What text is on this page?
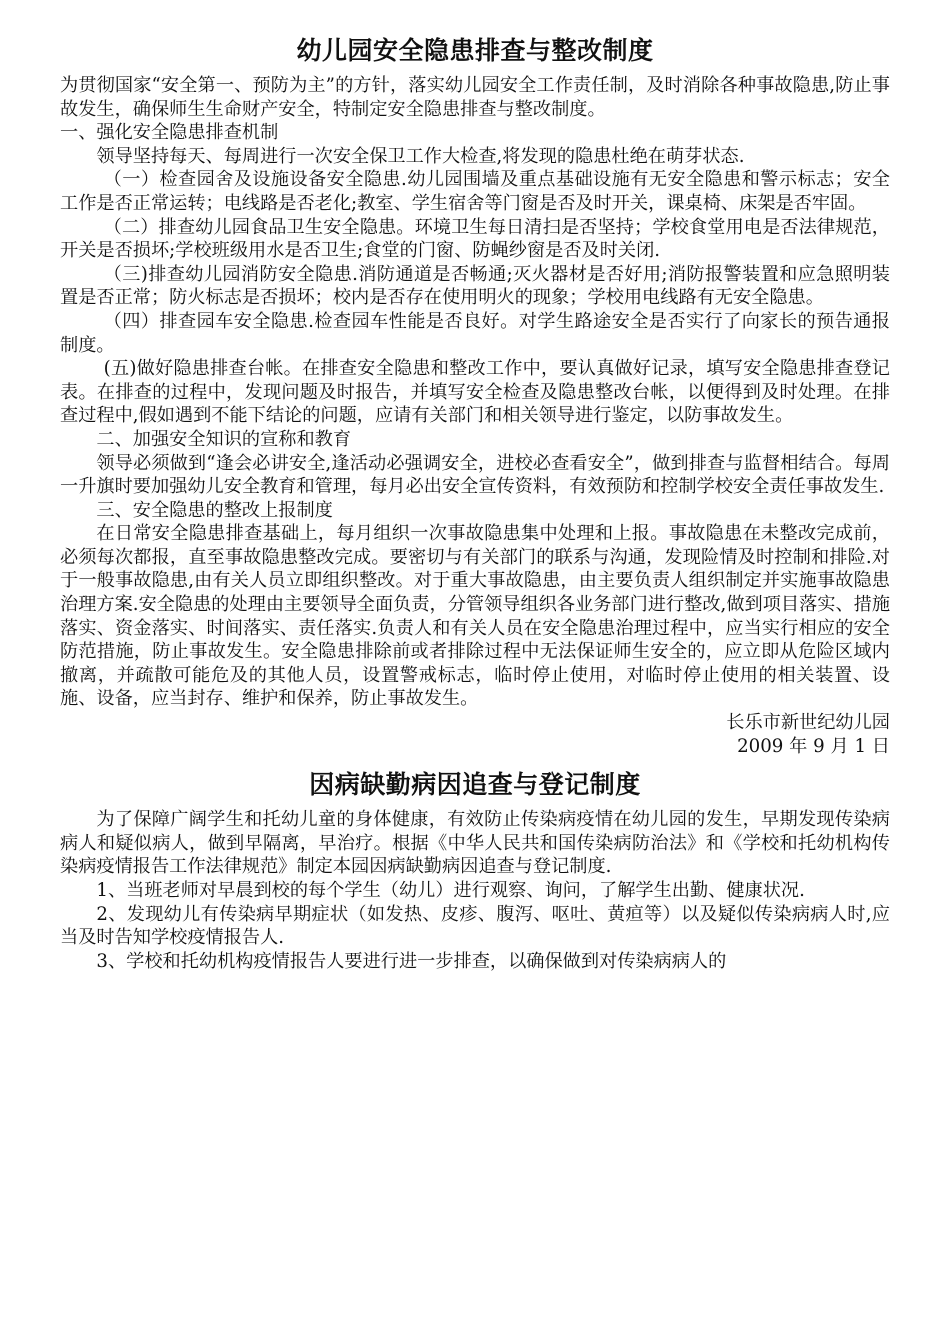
幼儿园安全隐患排查与整改制度

为贯彻国家“安全第一、预防为主”的方针，落实幼儿园安全工作责任制，及时消除各种事故隐患,防止事故发生，确保师生生命财产安全，特制定安全隐患排查与整改制度。

一、强化安全隐患排查机制

领导坚持每天、每周进行一次安全保卫工作大检查,将发现的隐患杜绝在萌芽状态.

（一）检查园舍及设施设备安全隐患.幼儿园围墙及重点基础设施有无安全隐患和警示标志；安全工作是否正常运转；电线路是否老化;教室、学生宿舍等门窗是否及时开关，课桌椅、床架是否牢固。

（二）排查幼儿园食品卫生安全隐患。环境卫生每日清扫是否坚持；学校食堂用电是否法律规范，开关是否损坏;学校班级用水是否卫生;食堂的门窗、防蝇纱窗是否及时关闭.

（三)排查幼儿园消防安全隐患.消防通道是否畅通;灭火器材是否好用;消防报警装置和应急照明装置是否正常；防火标志是否损坏；校内是否存在使用明火的现象；学校用电线路有无安全隐患。

（四）排查园车安全隐患.检查园车性能是否良好。对学生路途安全是否实行了向家长的预告通报制度。

(五)做好隐患排查台帐。在排查安全隐患和整改工作中，要认真做好记录，填写安全隐患排查登记表。在排查的过程中，发现问题及时报告，并填写安全检查及隐患整改台帐，以便得到及时处理。在排查过程中,假如遇到不能下结论的问题，应请有关部门和相关领导进行鉴定，以防事故发生。

二、加强安全知识的宣称和教育

领导必须做到“逢会必讲安全,逢活动必强调安全，进校必查看安全”，做到排查与监督相结合。每周一升旗时要加强幼儿安全教育和管理，每月必出安全宣传资料，有效预防和控制学校安全责任事故发生.

三、安全隐患的整改上报制度

在日常安全隐患排查基础上，每月组织一次事故隐患集中处理和上报。事故隐患在未整改完成前，必须每次都报，直至事故隐患整改完成。要密切与有关部门的联系与沟通，发现险情及时控制和排险.对于一般事故隐患,由有关人员立即组织整改。对于重大事故隐患，由主要负责人组织制定并实施事故隐患治理方案.安全隐患的处理由主要领导全面负责，分管领导组织各业务部门进行整改,做到项目落实、措施落实、资金落实、时间落实、责任落实.负责人和有关人员在安全隐患治理过程中，应当实行相应的安全防范措施，防止事故发生。安全隐患排除前或者排除过程中无法保证师生安全的，应立即从危险区域内撤离，并疏散可能危及的其他人员，设置警戒标志，临时停止使用，对临时停止使用的相关装置、设施、设备，应当封存、维护和保养，防止事故发生。

长乐市新世纪幼儿园

2009 年 9 月 1 日

因病缺勤病因追查与登记制度

为了保障广阔学生和托幼儿童的身体健康，有效防止传染病疫情在幼儿园的发生，早期发现传染病病人和疑似病人，做到早隔离，早治疗。根据《中华人民共和国传染病防治法》和《学校和托幼机构传染病疫情报告工作法律规范》制定本园因病缺勤病因追查与登记制度.

1、当班老师对早晨到校的每个学生（幼儿）进行观察、询问，了解学生出勤、健康状况.

2、发现幼儿有传染病早期症状（如发热、皮疹、腹泻、呕吐、黄疸等）以及疑似传染病病人时,应当及时告知学校疫情报告人.

3、学校和托幼机构疫情报告人要进行进一步排查，以确保做到对传染病病人的
